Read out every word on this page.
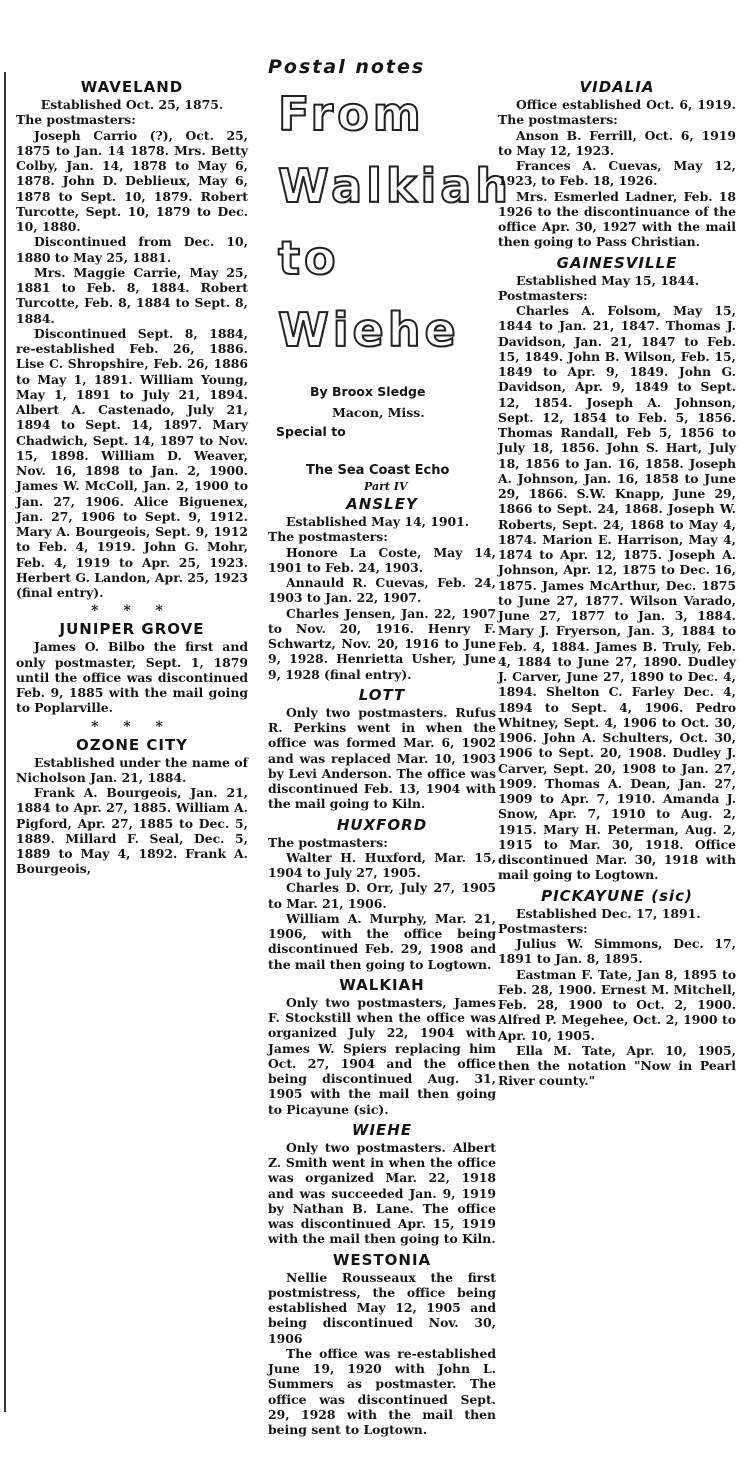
WAVELAND
Established Oct. 25, 1875.
The postmasters:
Joseph Carrio (?), Oct. 25, 1875 to Jan. 14 1878. Mrs. Betty Colby, Jan. 14, 1878 to May 6, 1878. John D. Deblieux, May 6, 1878 to Sept. 10, 1879. Robert Turcotte, Sept. 10, 1879 to Dec. 10, 1880.
Discontinued from Dec. 10, 1880 to May 25, 1881.
Mrs. Maggie Carrie, May 25, 1881 to Feb. 8, 1884. Robert Turcotte, Feb. 8, 1884 to Sept. 8, 1884.
Discontinued Sept. 8, 1884, re-established Feb. 26, 1886. Lise C. Shropshire, Feb. 26, 1886 to May 1, 1891. William Young, May 1, 1891 to July 21, 1894. Albert A. Castenado, July 21, 1894 to Sept. 14, 1897. Mary Chadwich, Sept. 14, 1897 to Nov. 15, 1898. William D. Weaver, Nov. 16, 1898 to Jan. 2, 1900. James W. McColl, Jan. 2, 1900 to Jan. 27, 1906. Alice Biguenex, Jan. 27, 1906 to Sept. 9, 1912. Mary A. Bourgeois, Sept. 9, 1912 to Feb. 4, 1919. John G. Mohr, Feb. 4, 1919 to Apr. 25, 1923. Herbert G. Landon, Apr. 25, 1923 (final entry).
* * *
JUNIPER GROVE
James O. Bilbo the first and only postmaster, Sept. 1, 1879 until the office was discontinued Feb. 9, 1885 with the mail going to Poplarville.
* * *
OZONE CITY
Established under the name of Nicholson Jan. 21, 1884.
Frank A. Bourgeois, Jan. 21, 1884 to Apr. 27, 1885. William A. Pigford, Apr. 27, 1885 to Dec. 5, 1889. Millard F. Seal, Dec. 5, 1889 to May 4, 1892. Frank A. Bourgeois,
Postal notes
From
Walkiah
to Wiehe
By Broox Sledge
Macon, Miss.
Special to
The Sea Coast Echo
Part IV
ANSLEY
Established May 14, 1901.
The postmasters:
Honore La Coste, May 14, 1901 to Feb. 24, 1903.
Annauld R. Cuevas, Feb. 24, 1903 to Jan. 22, 1907.
Charles Jensen, Jan. 22, 1907 to Nov. 20, 1916. Henry F. Schwartz, Nov. 20, 1916 to June 9, 1928. Henrietta Usher, June 9, 1928 (final entry).
LOTT
Only two postmasters. Rufus R. Perkins went in when the office was formed Mar. 6, 1902 and was replaced Mar. 10, 1903 by Levi Anderson. The office was discontinued Feb. 13, 1904 with the mail going to Kiln.
HUXFORD
The postmasters:
Walter H. Huxford, Mar. 15, 1904 to July 27, 1905.
Charles D. Orr, July 27, 1905 to Mar. 21, 1906.
William A. Murphy, Mar. 21, 1906, with the office being discontinued Feb. 29, 1908 and the mail then going to Logtown.
WALKIAH
Only two postmasters, James F. Stockstill when the office was organized July 22, 1904 with James W. Spiers replacing him Oct. 27, 1904 and the office being discontinued Aug. 31, 1905 with the mail then going to Picayune (sic).
WIEHE
Only two postmasters. Albert Z. Smith went in when the office was organized Mar. 22, 1918 and was succeeded Jan. 9, 1919 by Nathan B. Lane. The office was discontinued Apr. 15, 1919 with the mail then going to Kiln.
WESTONIA
Nellie Rousseaux the first postmistress, the office being established May 12, 1905 and being discontinued Nov. 30, 1906
The office was re-established June 19, 1920 with John L. Summers as postmaster. The office was discontinued Sept. 29, 1928 with the mail then being sent to Logtown.
VIDALIA
Office established Oct. 6, 1919. The postmasters:
Anson B. Ferrill, Oct. 6, 1919 to May 12, 1923.
Frances A. Cuevas, May 12, 1923, to Feb. 18, 1926.
Mrs. Esmerled Ladner, Feb. 18 1926 to the discontinuance of the office Apr. 30, 1927 with the mail then going to Pass Christian.
GAINESVILLE
Established May 15, 1844.
Postmasters:
Charles A. Folsom, May 15, 1844 to Jan. 21, 1847. Thomas J. Davidson, Jan. 21, 1847 to Feb. 15, 1849. John B. Wilson, Feb. 15, 1849 to Apr. 9, 1849. John G. Davidson, Apr. 9, 1849 to Sept. 12, 1854. Joseph A. Johnson, Sept. 12, 1854 to Feb. 5, 1856. Thomas Randall, Feb 5, 1856 to July 18, 1856. John S. Hart, July 18, 1856 to Jan. 16, 1858. Joseph A. Johnson, Jan. 16, 1858 to June 29, 1866. S.W. Knapp, June 29, 1866 to Sept. 24, 1868. Joseph W. Roberts, Sept. 24, 1868 to May 4, 1874. Marion E. Harrison, May 4, 1874 to Apr. 12, 1875. Joseph A. Johnson, Apr. 12, 1875 to Dec. 16, 1875. James McArthur, Dec. 1875 to June 27, 1877. Wilson Varado, June 27, 1877 to Jan. 3, 1884. Mary J. Fryerson, Jan. 3, 1884 to Feb. 4, 1884. James B. Truly, Feb. 4, 1884 to June 27, 1890. Dudley J. Carver, June 27, 1890 to Dec. 4, 1894. Shelton C. Farley Dec. 4, 1894 to Sept. 4, 1906. Pedro Whitney, Sept. 4, 1906 to Oct. 30, 1906. John A. Schulters, Oct. 30, 1906 to Sept. 20, 1908. Dudley J. Carver, Sept. 20, 1908 to Jan. 27, 1909. Thomas A. Dean, Jan. 27, 1909 to Apr. 7, 1910. Amanda J. Snow, Apr. 7, 1910 to Aug. 2, 1915. Mary H. Peterman, Aug. 2, 1915 to Mar. 30, 1918. Office discontinued Mar. 30, 1918 with mail going to Logtown.
PICKAYUNE (sic)
Established Dec. 17, 1891.
Postmasters:
Julius W. Simmons, Dec. 17, 1891 to Jan. 8, 1895.
Eastman F. Tate, Jan 8, 1895 to Feb. 28, 1900. Ernest M. Mitchell, Feb. 28, 1900 to Oct. 2, 1900. Alfred P. Megehee, Oct. 2, 1900 to Apr. 10, 1905.
Ella M. Tate, Apr. 10, 1905, then the notation "Now in Pearl River county."
